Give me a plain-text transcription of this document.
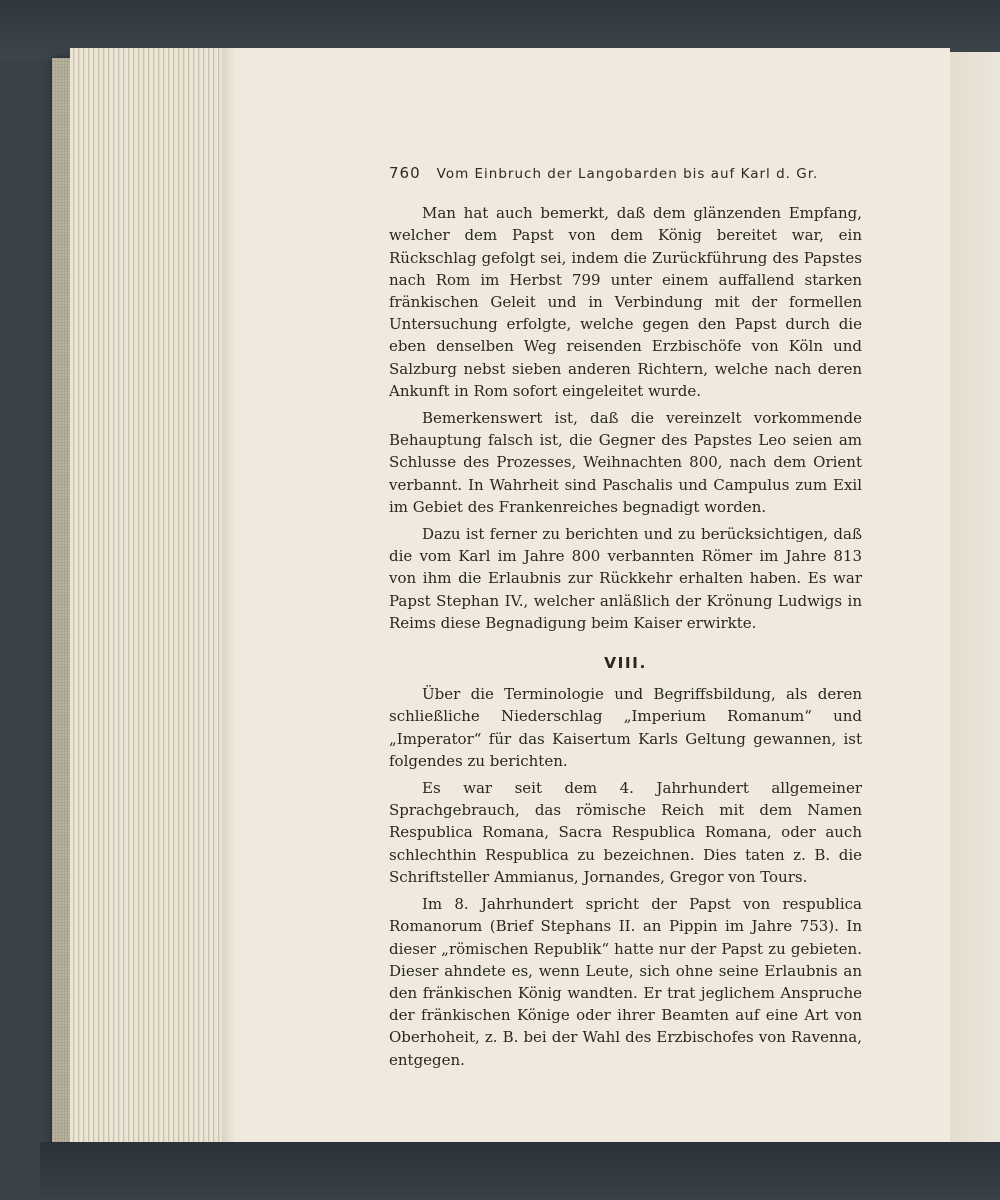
760 Vom Einbruch der Langobarden bis auf Karl d. Gr.

Man hat auch bemerkt, daß dem glänzenden Empfang, welcher dem Papst von dem König bereitet war, ein Rückschlag gefolgt sei, indem die Zurückführung des Papstes nach Rom im Herbst 799 unter einem auffallend starken fränkischen Geleit und in Verbindung mit der formellen Untersuchung erfolgte, welche gegen den Papst durch die eben denselben Weg reisenden Erzbischöfe von Köln und Salzburg nebst sieben anderen Richtern, welche nach deren Ankunft in Rom sofort eingeleitet wurde.

Bemerkenswert ist, daß die vereinzelt vorkommende Behauptung falsch ist, die Gegner des Papstes Leo seien am Schlusse des Prozesses, Weihnachten 800, nach dem Orient verbannt. In Wahrheit sind Paschalis und Campulus zum Exil im Gebiet des Frankenreiches begnadigt worden.

Dazu ist ferner zu berichten und zu berücksichtigen, daß die vom Karl im Jahre 800 verbannten Römer im Jahre 813 von ihm die Erlaubnis zur Rückkehr erhalten haben. Es war Papst Stephan IV., welcher anläßlich der Krönung Ludwigs in Reims diese Begnadigung beim Kaiser erwirkte.

VIII.

Über die Terminologie und Begriffsbildung, als deren schließliche Niederschlag „Imperium Romanum“ und „Imperator“ für das Kaisertum Karls Geltung gewannen, ist folgendes zu berichten.

Es war seit dem 4. Jahrhundert allgemeiner Sprachgebrauch, das römische Reich mit dem Namen Respublica Romana, Sacra Respublica Romana, oder auch schlechthin Respublica zu bezeichnen. Dies taten z. B. die Schriftsteller Ammianus, Jornandes, Gregor von Tours.

Im 8. Jahrhundert spricht der Papst von respublica Romanorum (Brief Stephans II. an Pippin im Jahre 753). In dieser „römischen Republik“ hatte nur der Papst zu gebieten. Dieser ahndete es, wenn Leute, sich ohne seine Erlaubnis an den fränkischen König wandten. Er trat jeglichem Anspruche der fränkischen Könige oder ihrer Beamten auf eine Art von Oberhoheit, z. B. bei der Wahl des Erzbischofes von Ravenna, entgegen.
